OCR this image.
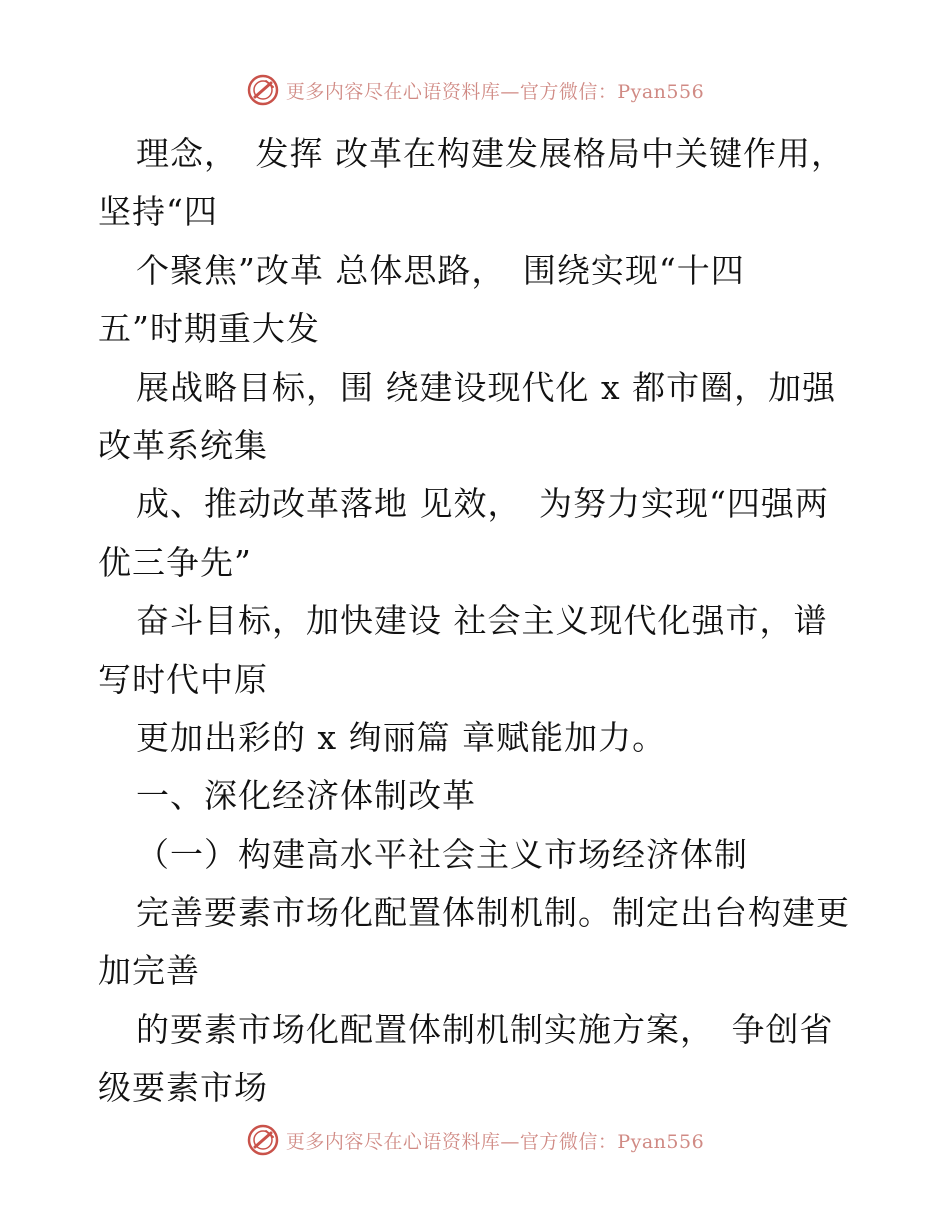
更多内容尽在心语资料库—官方微信：Pyan556
理念，　发挥 改革在构建发展格局中关键作用，
坚持“四
个聚焦”改革 总体思路，　围绕实现“十四
五”时期重大发
展战略目标，围 绕建设现代化 x 都市圈，加强
改革系统集
成、推动改革落地 见效，　为努力实现“四强两
优三争先”
奋斗目标，加快建设 社会主义现代化强市，谱
写时代中原
更加出彩的 x 绚丽篇 章赋能加力。
一、深化经济体制改革
（一）构建高水平社会主义市场经济体制
完善要素市场化配置体制机制。制定出台构建更
加完善
的要素市场化配置体制机制实施方案，　争创省
级要素市场
更多内容尽在心语资料库—官方微信：Pyan556
